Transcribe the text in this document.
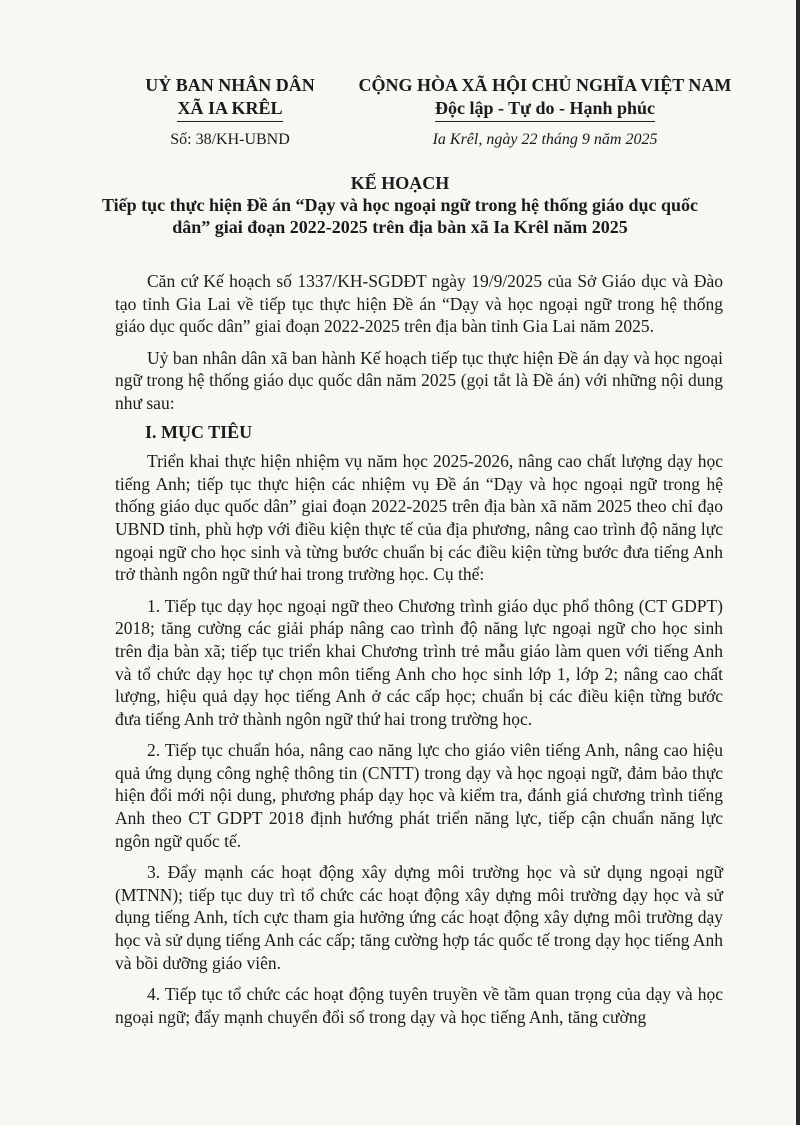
UỶ BAN NHÂN DÂN
XÃ IA KRÊL
Số: 38/KH-UBND
CỘNG HÒA XÃ HỘI CHỦ NGHĨA VIỆT NAM
Độc lập - Tự do - Hạnh phúc
Ia Krêl, ngày 22 tháng 9 năm 2025
KẾ HOẠCH
Tiếp tục thực hiện Đề án “Dạy và học ngoại ngữ trong hệ thống giáo dục quốc dân” giai đoạn 2022-2025 trên địa bàn xã Ia Krêl năm 2025

Căn cứ Kế hoạch số 1337/KH-SGDĐT ngày 19/9/2025 của Sở Giáo dục và Đào tạo tỉnh Gia Lai về tiếp tục thực hiện Đề án “Dạy và học ngoại ngữ trong hệ thống giáo dục quốc dân” giai đoạn 2022-2025 trên địa bàn tỉnh Gia Lai năm 2025.

Uỷ ban nhân dân xã ban hành Kế hoạch tiếp tục thực hiện Đề án dạy và học ngoại ngữ trong hệ thống giáo dục quốc dân năm 2025 (gọi tắt là Đề án) với những nội dung như sau:

I. MỤC TIÊU

Triển khai thực hiện nhiệm vụ năm học 2025-2026, nâng cao chất lượng dạy học tiếng Anh; tiếp tục thực hiện các nhiệm vụ Đề án “Dạy và học ngoại ngữ trong hệ thống giáo dục quốc dân” giai đoạn 2022-2025 trên địa bàn xã năm 2025 theo chỉ đạo UBND tỉnh, phù hợp với điều kiện thực tế của địa phương, nâng cao trình độ năng lực ngoại ngữ cho học sinh và từng bước chuẩn bị các điều kiện từng bước đưa tiếng Anh trở thành ngôn ngữ thứ hai trong trường học. Cụ thể:

1. Tiếp tục dạy học ngoại ngữ theo Chương trình giáo dục phổ thông (CT GDPT) 2018; tăng cường các giải pháp nâng cao trình độ năng lực ngoại ngữ cho học sinh trên địa bàn xã; tiếp tục triển khai Chương trình trẻ mẫu giáo làm quen với tiếng Anh và tổ chức dạy học tự chọn môn tiếng Anh cho học sinh lớp 1, lớp 2; nâng cao chất lượng, hiệu quả dạy học tiếng Anh ở các cấp học; chuẩn bị các điều kiện từng bước đưa tiếng Anh trở thành ngôn ngữ thứ hai trong trường học.

2. Tiếp tục chuẩn hóa, nâng cao năng lực cho giáo viên tiếng Anh, nâng cao hiệu quả ứng dụng công nghệ thông tin (CNTT) trong dạy và học ngoại ngữ, đảm bảo thực hiện đổi mới nội dung, phương pháp dạy học và kiểm tra, đánh giá chương trình tiếng Anh theo CT GDPT 2018 định hướng phát triển năng lực, tiếp cận chuẩn năng lực ngôn ngữ quốc tế.

3. Đẩy mạnh các hoạt động xây dựng môi trường học và sử dụng ngoại ngữ (MTNN); tiếp tục duy trì tổ chức các hoạt động xây dựng môi trường dạy học và sử dụng tiếng Anh, tích cực tham gia hưởng ứng các hoạt động xây dựng môi trường dạy học và sử dụng tiếng Anh các cấp; tăng cường hợp tác quốc tế trong dạy học tiếng Anh và bồi dưỡng giáo viên.

4. Tiếp tục tổ chức các hoạt động tuyên truyền về tầm quan trọng của dạy và học ngoại ngữ; đẩy mạnh chuyển đổi số trong dạy và học tiếng Anh, tăng cường
